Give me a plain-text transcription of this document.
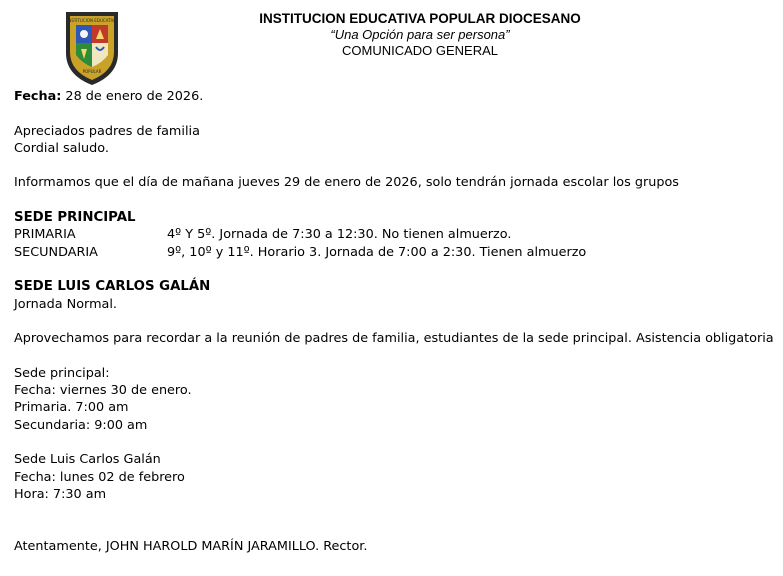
INSTITUCION EDUCATIVA
POPULAR
INSTITUCION EDUCATIVA POPULAR DIOCESANO
“Una Opción para ser persona”
COMUNICADO GENERAL

Fecha: 28 de enero de 2026.

Apreciados padres de familia

Cordial saludo.

Informamos que el día de mañana jueves 29 de enero de 2026, solo tendrán jornada escolar los grupos

SEDE PRINCIPAL

PRIMARIA	4º Y 5º. Jornada de 7:30 a 12:30. No tienen almuerzo.
SECUNDARIA	9º, 10º y 11º. Horario 3. Jornada de 7:00 a 2:30. Tienen almuerzo

SEDE LUIS CARLOS GALÁN

Jornada Normal.

Aprovechamos para recordar a la reunión de padres de familia, estudiantes de la sede principal. Asistencia obligatoria

Sede principal:

Fecha: viernes 30 de enero.

Primaria. 7:00 am

Secundaria: 9:00 am

Sede Luis Carlos Galán

Fecha: lunes 02 de febrero

Hora: 7:30 am

Atentamente, JOHN HAROLD MARÍN JARAMILLO. Rector.
